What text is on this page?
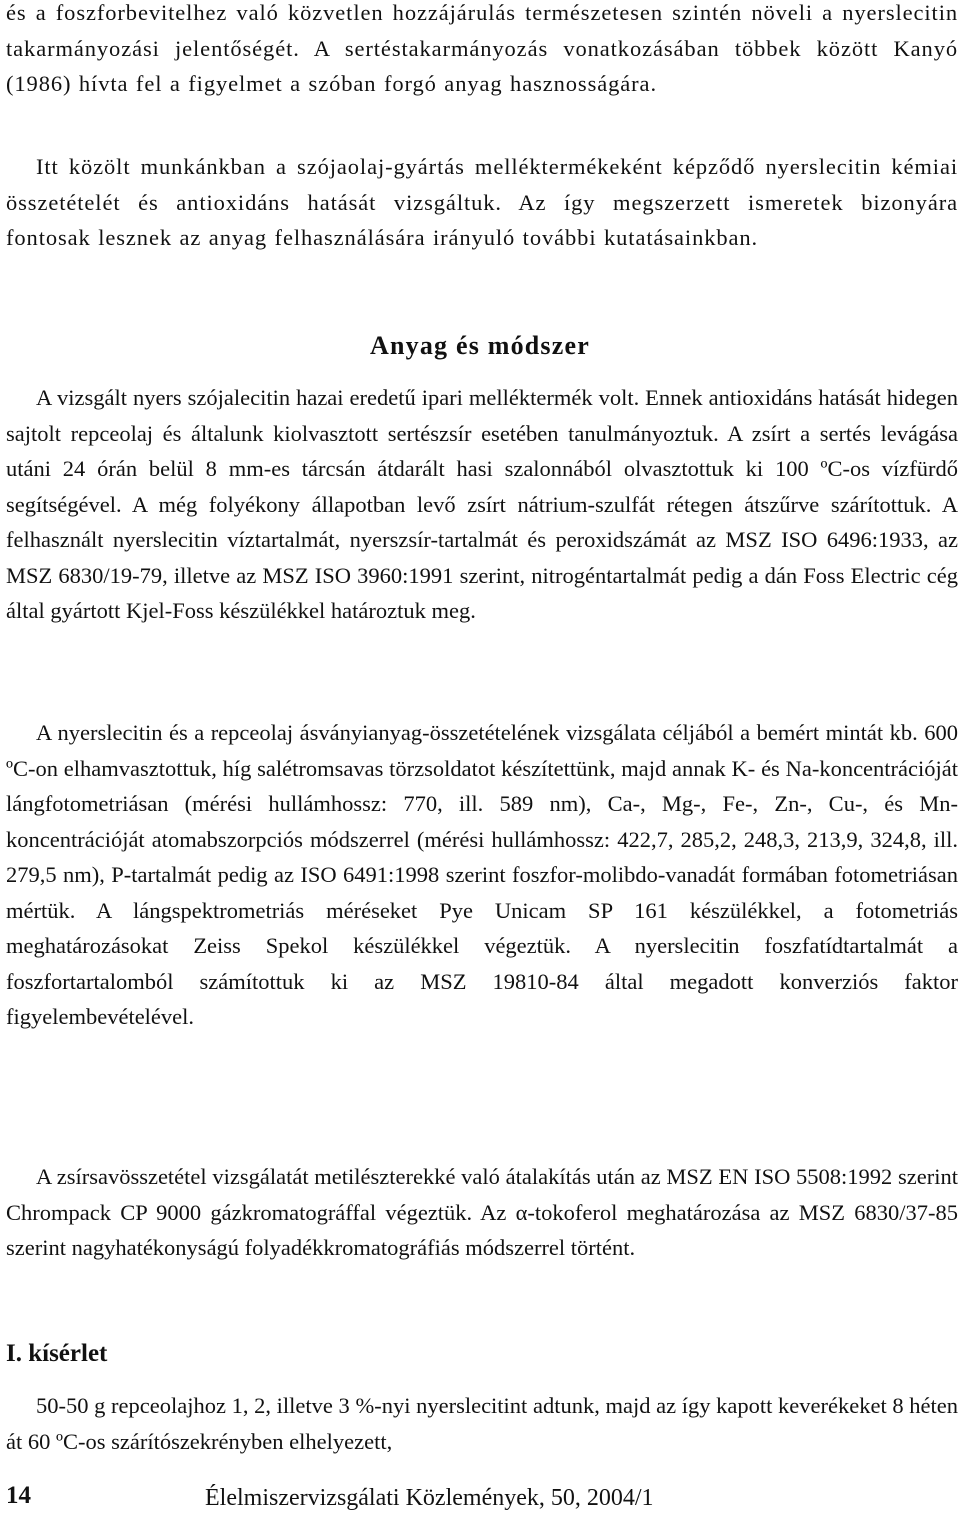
és a foszforbevitelhez való közvetlen hozzájárulás természetesen szintén növeli a nyerslecitin takarmányozási jelentőségét. A sertéstakarmányozás vonatkozásában többek között Kanyó (1986) hívta fel a figyelmet a szóban forgó anyag hasznosságára.

Itt közölt munkánkban a szójaolaj-gyártás melléktermékeként képződő nyerslecitin kémiai összetételét és antioxidáns hatását vizsgáltuk. Az így megszerzett ismeretek bizonyára fontosak lesznek az anyag felhasználására irányuló további kutatásainkban.

Anyag és módszer

A vizsgált nyers szójalecitin hazai eredetű ipari melléktermék volt. Ennek antioxidáns hatását hidegen sajtolt repceolaj és általunk kiolvasztott sertészsír esetében tanulmányoztuk. A zsírt a sertés levágása utáni 24 órán belül 8 mm-es tárcsán átdarált hasi szalonnából olvasztottuk ki 100 ºC-os vízfürdő segítségével. A még folyékony állapotban levő zsírt nátrium-szulfát rétegen átszűrve szárítottuk. A felhasznált nyerslecitin víztartalmát, nyerszsír-tartalmát és peroxidszámát az MSZ ISO 6496:1933, az MSZ 6830/19-79, illetve az MSZ ISO 3960:1991 szerint, nitrogéntartalmát pedig a dán Foss Electric cég által gyártott Kjel-Foss készülékkel határoztuk meg.

A nyerslecitin és a repceolaj ásványianyag-összetételének vizsgálata céljából a bemért mintát kb. 600 ºC-on elhamvasztottuk, híg salétromsavas törzsoldatot készítettünk, majd annak K- és Na-koncentrációját lángfotometriásan (mérési hullámhossz: 770, ill. 589 nm), Ca-, Mg-, Fe-, Zn-, Cu-, és Mn-koncentrációját atomabszorpciós módszerrel (mérési hullámhossz: 422,7, 285,2, 248,3, 213,9, 324,8, ill. 279,5 nm), P-tartalmát pedig az ISO 6491:1998 szerint foszfor-molibdo-vanadát formában fotometriásan mértük. A lángspektrometriás méréseket Pye Unicam SP 161 készülékkel, a fotometriás meghatározásokat Zeiss Spekol készülékkel végeztük. A nyerslecitin foszfatídtartalmát a foszfortartalomból számítottuk ki az MSZ 19810-84 által megadott konverziós faktor figyelembevételével.

A zsírsavösszetétel vizsgálatát metilészterekké való átalakítás után az MSZ EN ISO 5508:1992 szerint Chrompack CP 9000 gázkromatográffal végeztük. Az α-tokoferol meghatározása az MSZ 6830/37-85 szerint nagyhatékonyságú folyadékkromatográfiás módszerrel történt.

I. kísérlet

50-50 g repceolajhoz 1, 2, illetve 3 %-nyi nyerslecitint adtunk, majd az így kapott keverékeket 8 héten át 60 ºC-os szárítószekrényben elhelyezett,

14	Élelmiszervizsgálati Közlemények, 50, 2004/1
